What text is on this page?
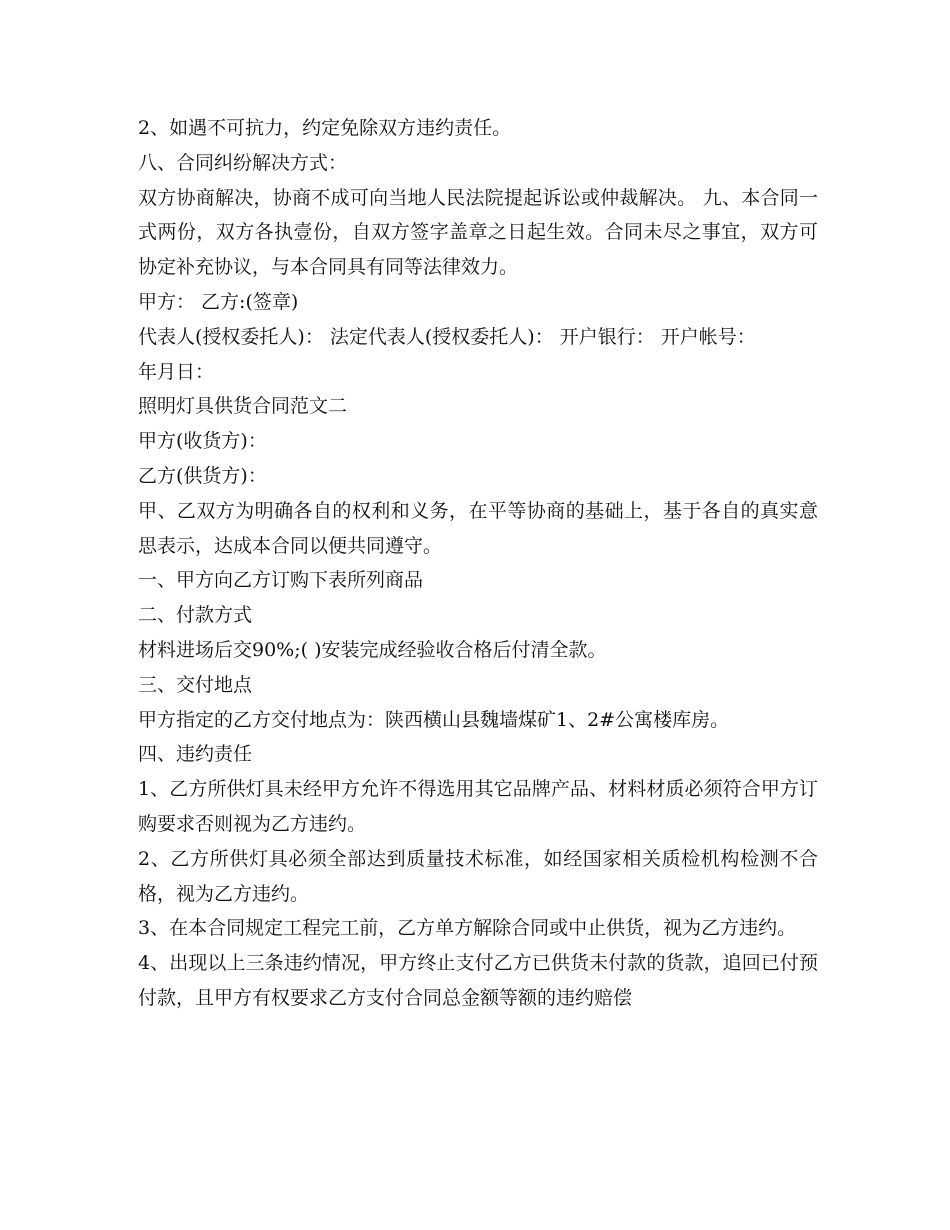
2、如遇不可抗力，约定免除双方违约责任。

八、合同纠纷解决方式：

双方协商解决，协商不成可向当地人民法院提起诉讼或仲裁解决。 九、本合同一式两份，双方各执壹份，自双方签字盖章之日起生效。合同未尽之事宜，双方可协定补充协议，与本合同具有同等法律效力。

甲方： 乙方:(签章)

代表人(授权委托人)： 法定代表人(授权委托人)： 开户银行： 开户帐号：

年月日：

照明灯具供货合同范文二

甲方(收货方)：

乙方(供货方)：

甲、乙双方为明确各自的权利和义务，在平等协商的基础上，基于各自的真实意思表示，达成本合同以便共同遵守。

一、甲方向乙方订购下表所列商品

二、付款方式

材料进场后交90%;( )安装完成经验收合格后付清全款。

三、交付地点

甲方指定的乙方交付地点为：陕西横山县魏墙煤矿1、2#公寓楼库房。

四、违约责任

1、乙方所供灯具未经甲方允许不得选用其它品牌产品、材料材质必须符合甲方订购要求否则视为乙方违约。

2、乙方所供灯具必须全部达到质量技术标准，如经国家相关质检机构检测不合格，视为乙方违约。

3、在本合同规定工程完工前，乙方单方解除合同或中止供货，视为乙方违约。

4、出现以上三条违约情况，甲方终止支付乙方已供货未付款的货款，追回已付预付款，且甲方有权要求乙方支付合同总金额等额的违约赔偿
